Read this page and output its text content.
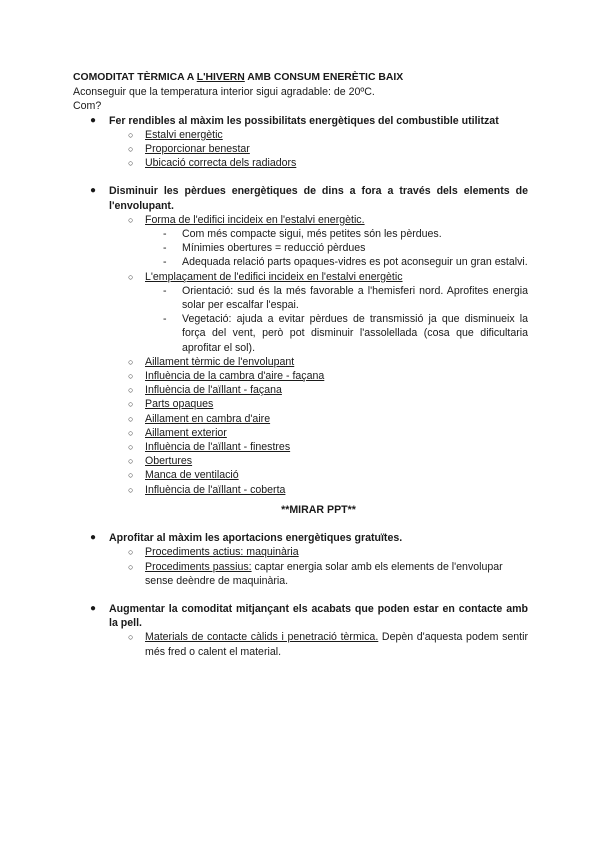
COMODITAT TÈRMICA A L'HIVERN AMB CONSUM ENERÈTIC BAIX

Aconseguir que la temperatura interior sigui agradable: de 20ºC.

Com?

● Fer rendibles al màxim les possibilitats energètiques del combustible utilitzat
○ Estalvi energètic
○ Proporcionar benestar
○ Ubicació correcta dels radiadors
● Disminuir les pèrdues energètiques de dins a fora a través dels elements de l'envolupant.
○ Forma de l'edifici incideix en l'estalvi energètic.
- Com més compacte sigui, més petites són les pèrdues.
- Mínimies obertures = reducció pèrdues
- Adequada relació parts opaques-vidres es pot aconseguir un gran estalvi.
○ L'emplaçament de l'edifici incideix en l'estalvi energètic
- Orientació: sud és la més favorable a l'hemisferi nord. Aprofites energia solar per escalfar l'espai.
- Vegetació: ajuda a evitar pèrdues de transmissió ja que disminueix la força del vent, però pot disminuir l'assolellada (cosa que dificultaria aprofitar el sol).
○ Aillament tèrmic de l'envolupant
○ Influència de la cambra d'aire - façana
○ Influència de l'aïllant - façana
○ Parts opaques
○ Aillament en cambra d'aire
○ Aillament exterior
○ Influència de l'aïllant - finestres
○ Obertures
○ Manca de ventilació
○ Influència de l'aïllant - coberta

**MIRAR PPT**

● Aprofitar al màxim les aportacions energètiques gratuïtes.
○ Procediments actius: maquinària
○ Procediments passius: captar energia solar amb els elements de l'envolupar sense deèndre de maquinària.
● Augmentar la comoditat mitjançant els acabats que poden estar en contacte amb la pell.
○ Materials de contacte càlids i penetració tèrmica. Depèn d'aquesta podem sentir més fred o calent el material.
